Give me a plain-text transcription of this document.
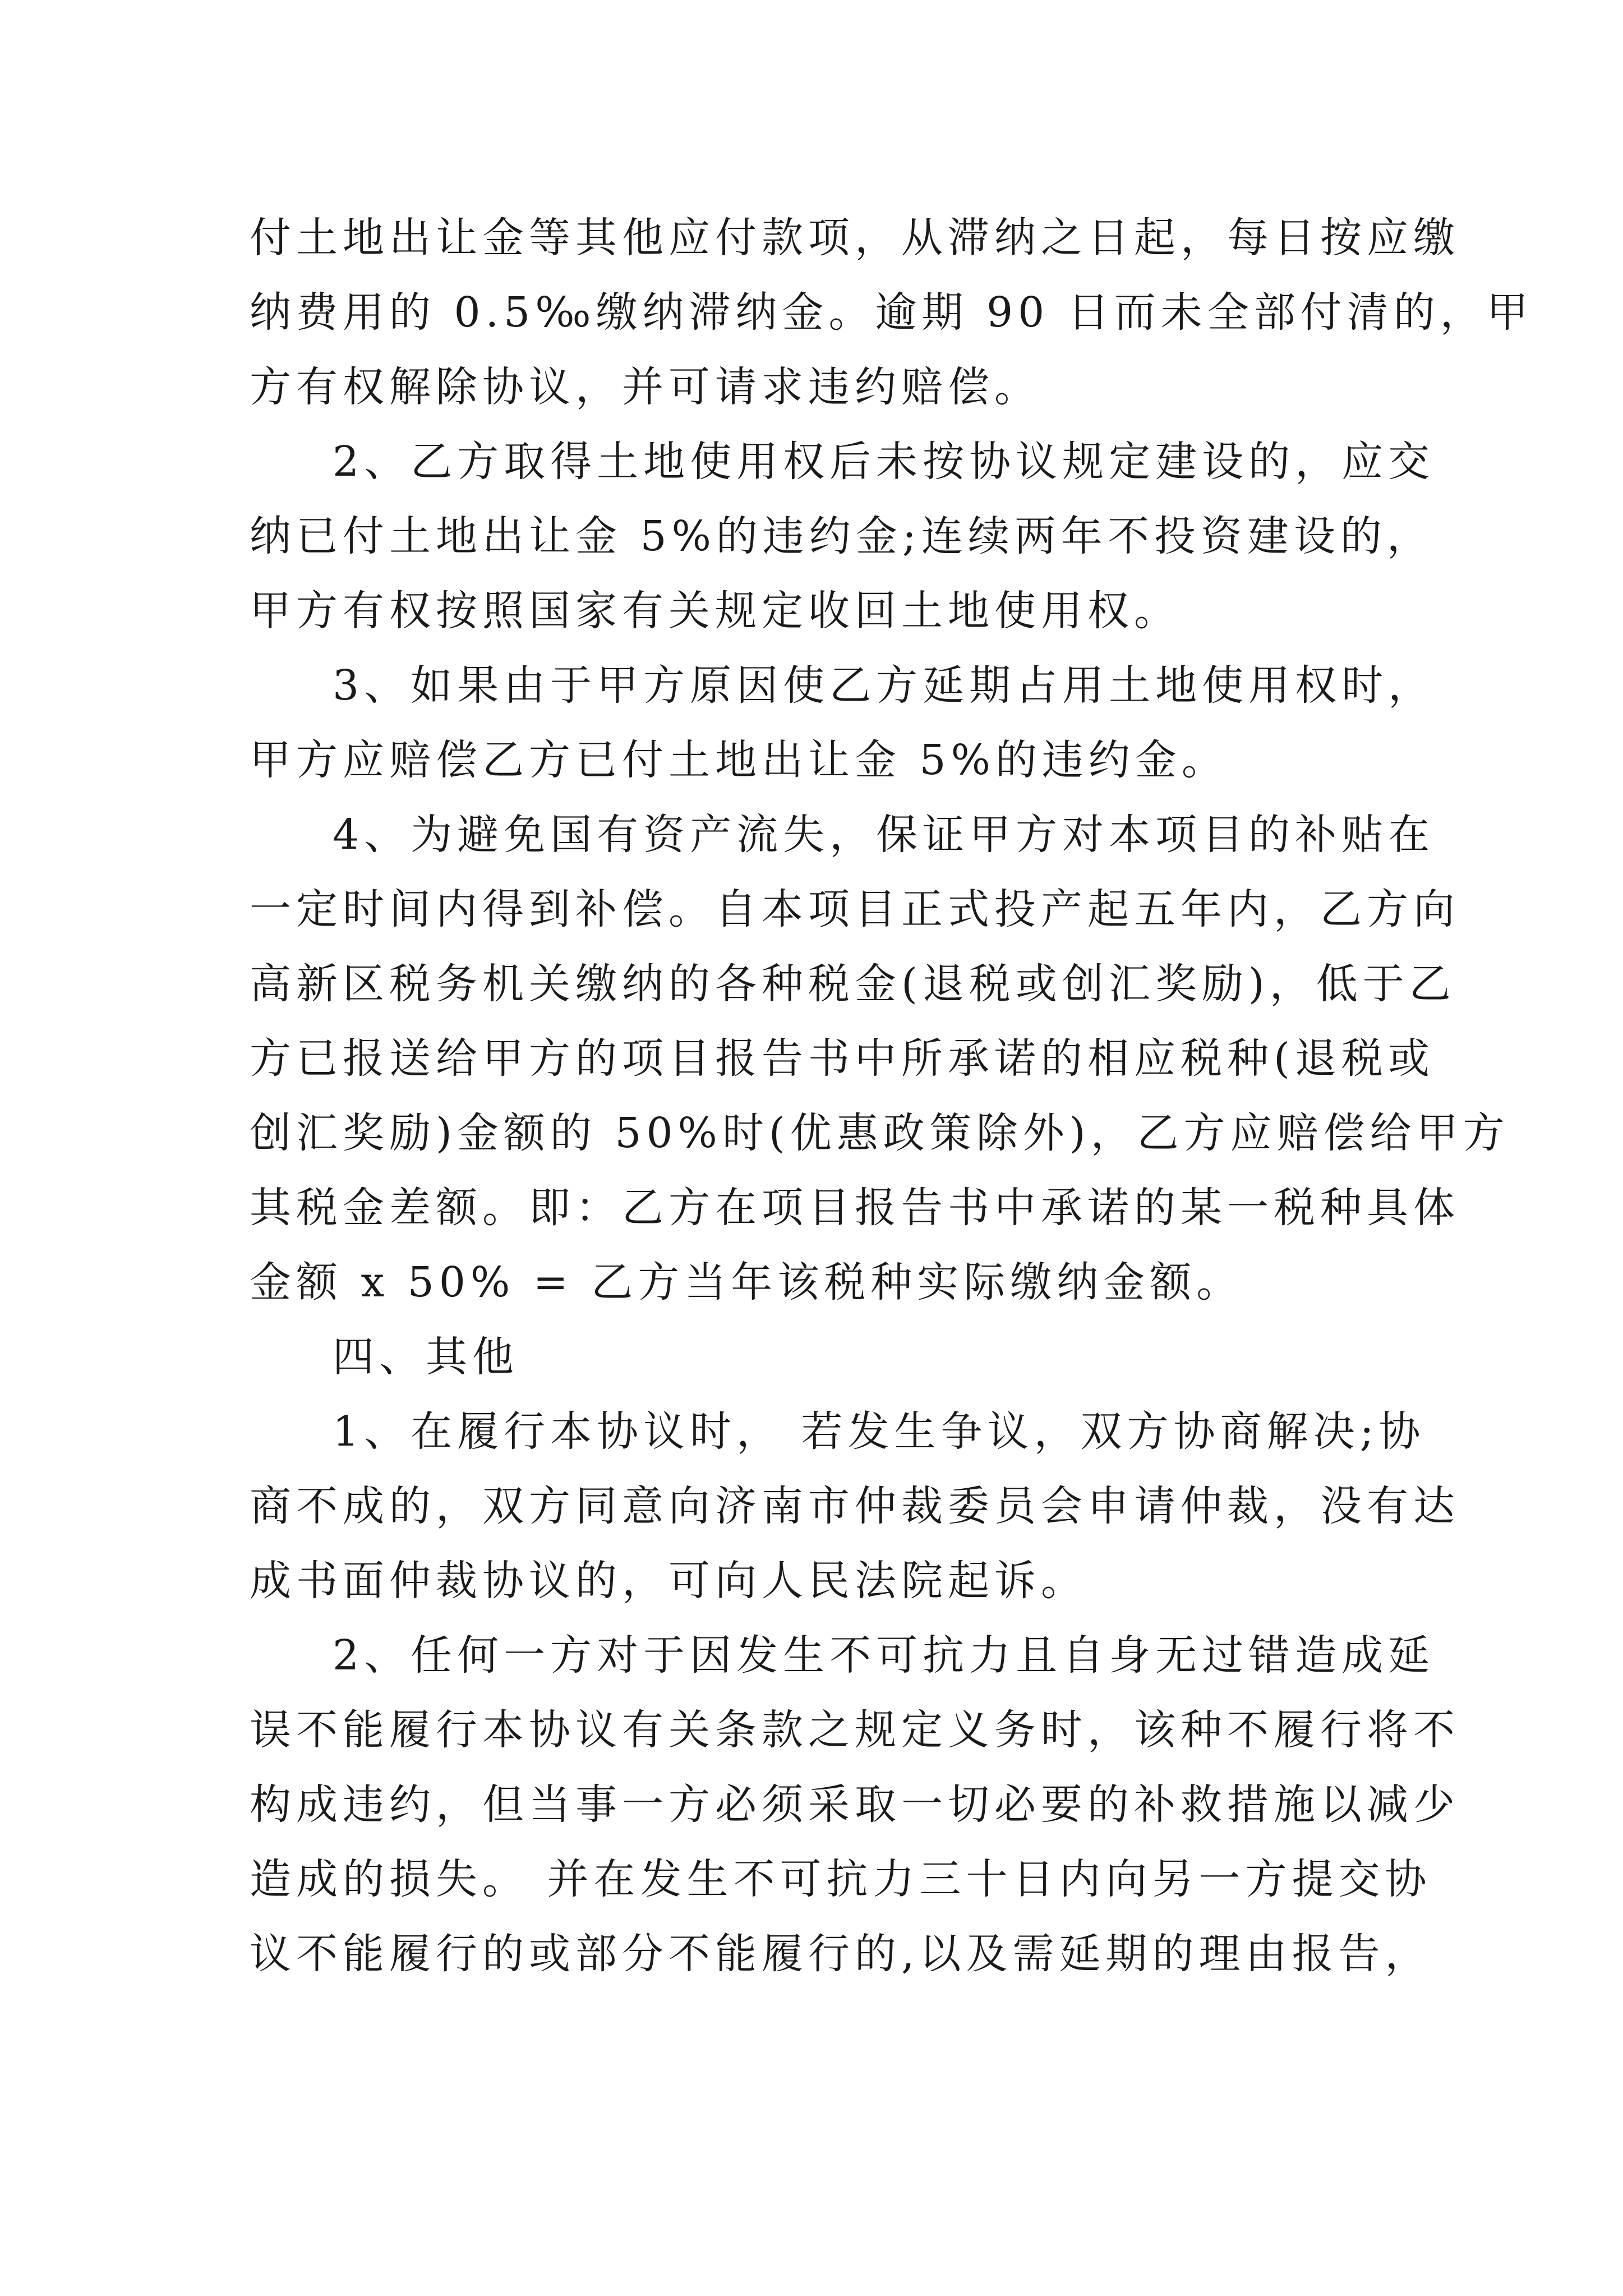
付土地出让金等其他应付款项，从滞纳之日起，每日按应缴
纳费用的 0.5‰缴纳滞纳金。逾期 90 日而未全部付清的，甲
方有权解除协议，并可请求违约赔偿。
2、乙方取得土地使用权后未按协议规定建设的，应交
纳已付土地出让金 5%的违约金;连续两年不投资建设的，
甲方有权按照国家有关规定收回土地使用权。
3、如果由于甲方原因使乙方延期占用土地使用权时，
甲方应赔偿乙方已付土地出让金 5%的违约金。
4、为避免国有资产流失，保证甲方对本项目的补贴在
一定时间内得到补偿。自本项目正式投产起五年内，乙方向
高新区税务机关缴纳的各种税金(退税或创汇奖励)，低于乙
方已报送给甲方的项目报告书中所承诺的相应税种(退税或
创汇奖励)金额的 50%时(优惠政策除外)，乙方应赔偿给甲方
其税金差额。即：乙方在项目报告书中承诺的某一税种具体
金额 x 50% = 乙方当年该税种实际缴纳金额。
四、其他
1、在履行本协议时， 若发生争议，双方协商解决;协
商不成的，双方同意向济南市仲裁委员会申请仲裁，没有达
成书面仲裁协议的，可向人民法院起诉。
2、任何一方对于因发生不可抗力且自身无过错造成延
误不能履行本协议有关条款之规定义务时，该种不履行将不
构成违约，但当事一方必须采取一切必要的补救措施以减少
造成的损失。 并在发生不可抗力三十日内向另一方提交协
议不能履行的或部分不能履行的,以及需延期的理由报告，
